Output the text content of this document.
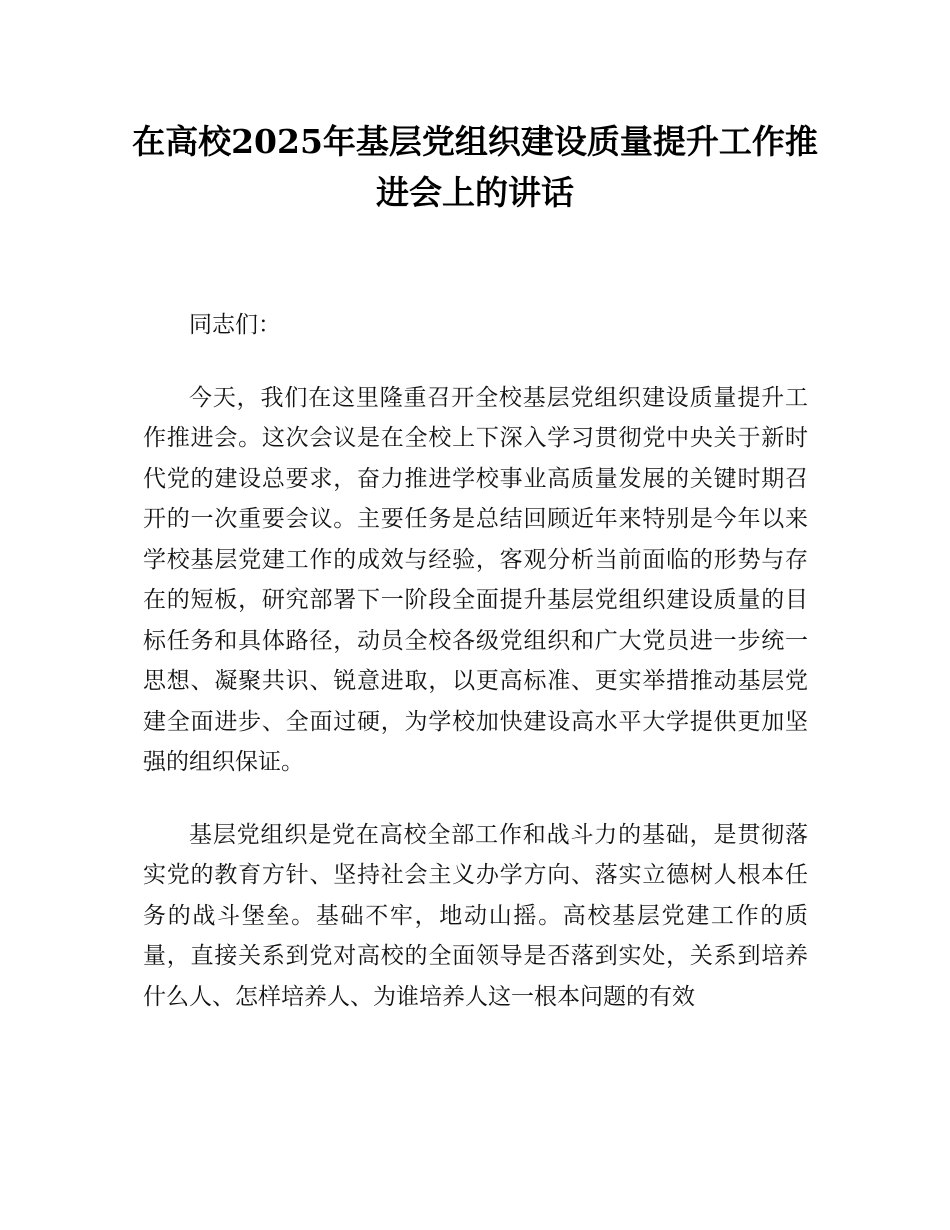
在高校2025年基层党组织建设质量提升工作推进会上的讲话

同志们：

今天，我们在这里隆重召开全校基层党组织建设质量提升工作推进会。这次会议是在全校上下深入学习贯彻党中央关于新时代党的建设总要求，奋力推进学校事业高质量发展的关键时期召开的一次重要会议。主要任务是总结回顾近年来特别是今年以来学校基层党建工作的成效与经验，客观分析当前面临的形势与存在的短板，研究部署下一阶段全面提升基层党组织建设质量的目标任务和具体路径，动员全校各级党组织和广大党员进一步统一思想、凝聚共识、锐意进取，以更高标准、更实举措推动基层党建全面进步、全面过硬，为学校加快建设高水平大学提供更加坚强的组织保证。

基层党组织是党在高校全部工作和战斗力的基础，是贯彻落实党的教育方针、坚持社会主义办学方向、落实立德树人根本任务的战斗堡垒。基础不牢，地动山摇。高校基层党建工作的质量，直接关系到党对高校的全面领导是否落到实处，关系到培养什么人、怎样培养人、为谁培养人这一根本问题的有效
